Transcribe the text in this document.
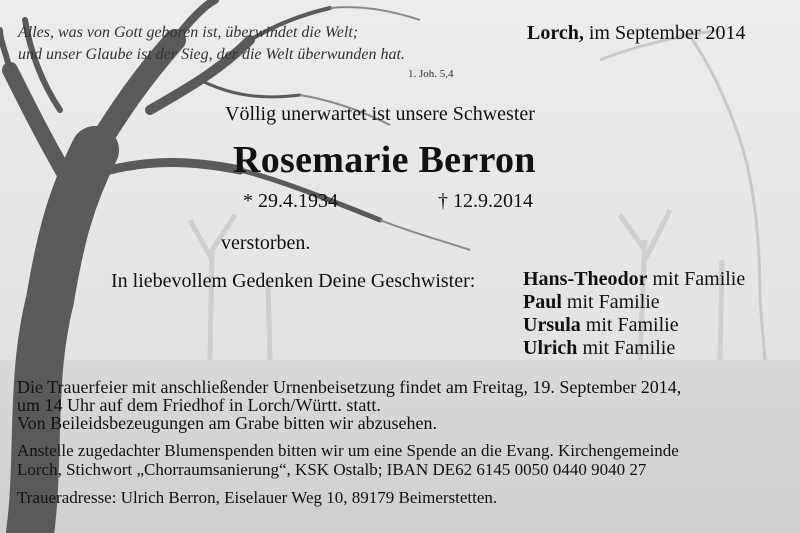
Alles, was von Gott geboren ist, überwindet die Welt;
und unser Glaube ist der Sieg, der die Welt überwunden hat.
1. Joh. 5,4
Lorch, im September 2014
Völlig unerwartet ist unsere Schwester
Rosemarie Berron
* 29.4.1934	† 12.9.2014
verstorben.
In liebevollem Gedenken Deine Geschwister: Hans-Theodor mit Familie
Paul mit Familie
Ursula mit Familie
Ulrich mit Familie
Die Trauerfeier mit anschließender Urnenbeisetzung findet am Freitag, 19. September 2014,
um 14 Uhr auf dem Friedhof in Lorch/Württ. statt.
Von Beileidsbezeugungen am Grabe bitten wir abzusehen.
Anstelle zugedachter Blumenspenden bitten wir um eine Spende an die Evang. Kirchengemeinde
Lorch, Stichwort „Chorraumsanierung“, KSK Ostalb; IBAN DE62 6145 0050 0440 9040 27
Traueradresse: Ulrich Berron, Eiselauer Weg 10, 89179 Beimerstetten.
